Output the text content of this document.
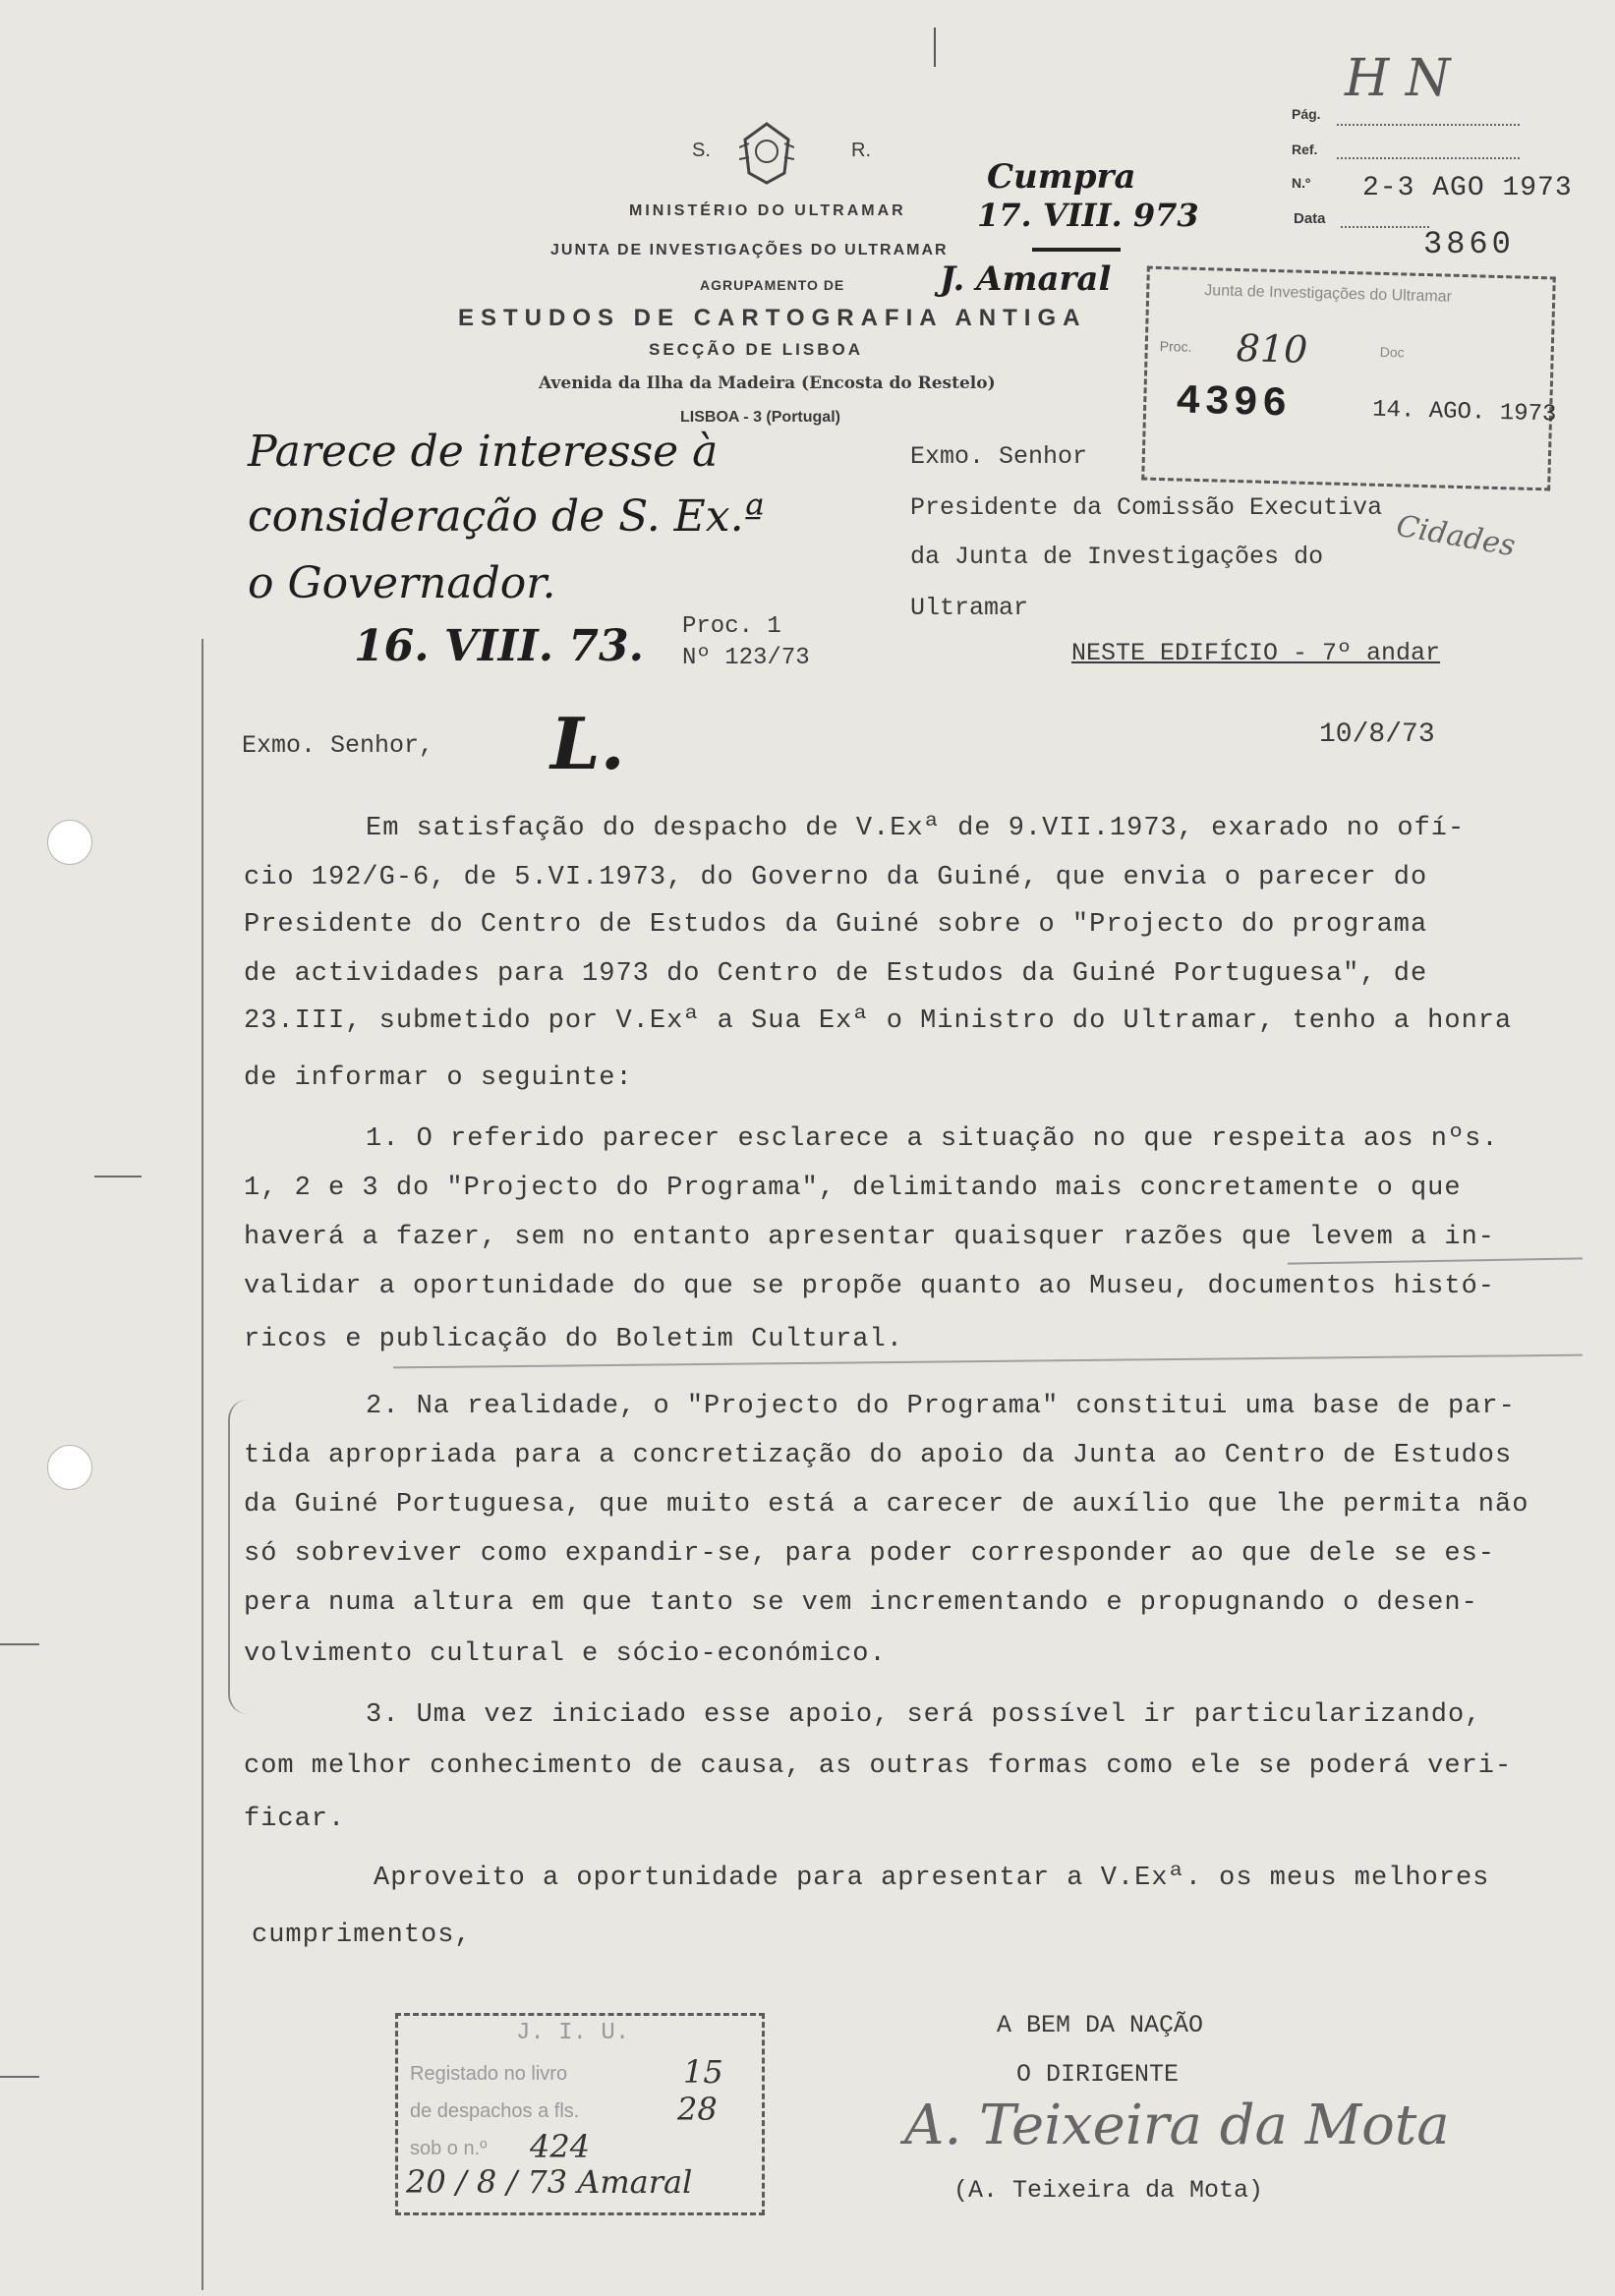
S.	R.
MINISTÉRIO DO ULTRAMAR
JUNTA DE INVESTIGAÇÕES DO ULTRAMAR
AGRUPAMENTO DE
ESTUDOS DE CARTOGRAFIA ANTIGA
SECÇÃO DE LISBOA
Avenida da Ilha da Madeira (Encosta do Restelo)
LISBOA - 3 (Portugal)
Pág.
Ref.
N.º 2-3 AGO 1973
Data
3860
H N
Cumpra
17. VIII. 973
J. Amaral
Parece de interesse à
consideração de S. Ex.ª
o Governador.
16. VIII. 73.
L.
Cidades
Junta de Investigações do Ultramar
Proc. 810	Doc
4396	14. AGO. 1973
Exmo. Senhor
Presidente da Comissão Executiva
da Junta de Investigações do
Ultramar
NESTE EDIFÍCIO - 7º andar
Proc. 1
Nº 123/73
Exmo. Senhor,	10/8/73
Em satisfação do despacho de V.Exª de 9.VII.1973, exarado no ofí-
cio 192/G-6, de 5.VI.1973, do Governo da Guiné, que envia o parecer do
Presidente do Centro de Estudos da Guiné sobre o "Projecto do programa
de actividades para 1973 do Centro de Estudos da Guiné Portuguesa", de
23.III, submetido por V.Exª a Sua Exª o Ministro do Ultramar, tenho a honra
de informar o seguinte:
1. O referido parecer esclarece a situação no que respeita aos nºs.
1, 2 e 3 do "Projecto do Programa", delimitando mais concretamente o que
haverá a fazer, sem no entanto apresentar quaisquer razões que levem a in-
validar a oportunidade do que se propõe quanto ao Museu, documentos histó-
ricos e publicação do Boletim Cultural.
2. Na realidade, o "Projecto do Programa" constitui uma base de par-
tida apropriada para a concretização do apoio da Junta ao Centro de Estudos
da Guiné Portuguesa, que muito está a carecer de auxílio que lhe permita não
só sobreviver como expandir-se, para poder corresponder ao que dele se es-
pera numa altura em que tanto se vem incrementando e propugnando o desen-
volvimento cultural e sócio-económico.
3. Uma vez iniciado esse apoio, será possível ir particularizando,
com melhor conhecimento de causa, as outras formas como ele se poderá veri-
ficar.
Aproveito a oportunidade para apresentar a V.Exª. os meus melhores
cumprimentos,
A BEM DA NAÇÃO
O DIRIGENTE
A. Teixeira da Mota
(A. Teixeira da Mota)
J. I. U.
Registado no livro	15
de despachos a fls.	28
sob o n.º 424
20 / 8 / 73 Amaral
